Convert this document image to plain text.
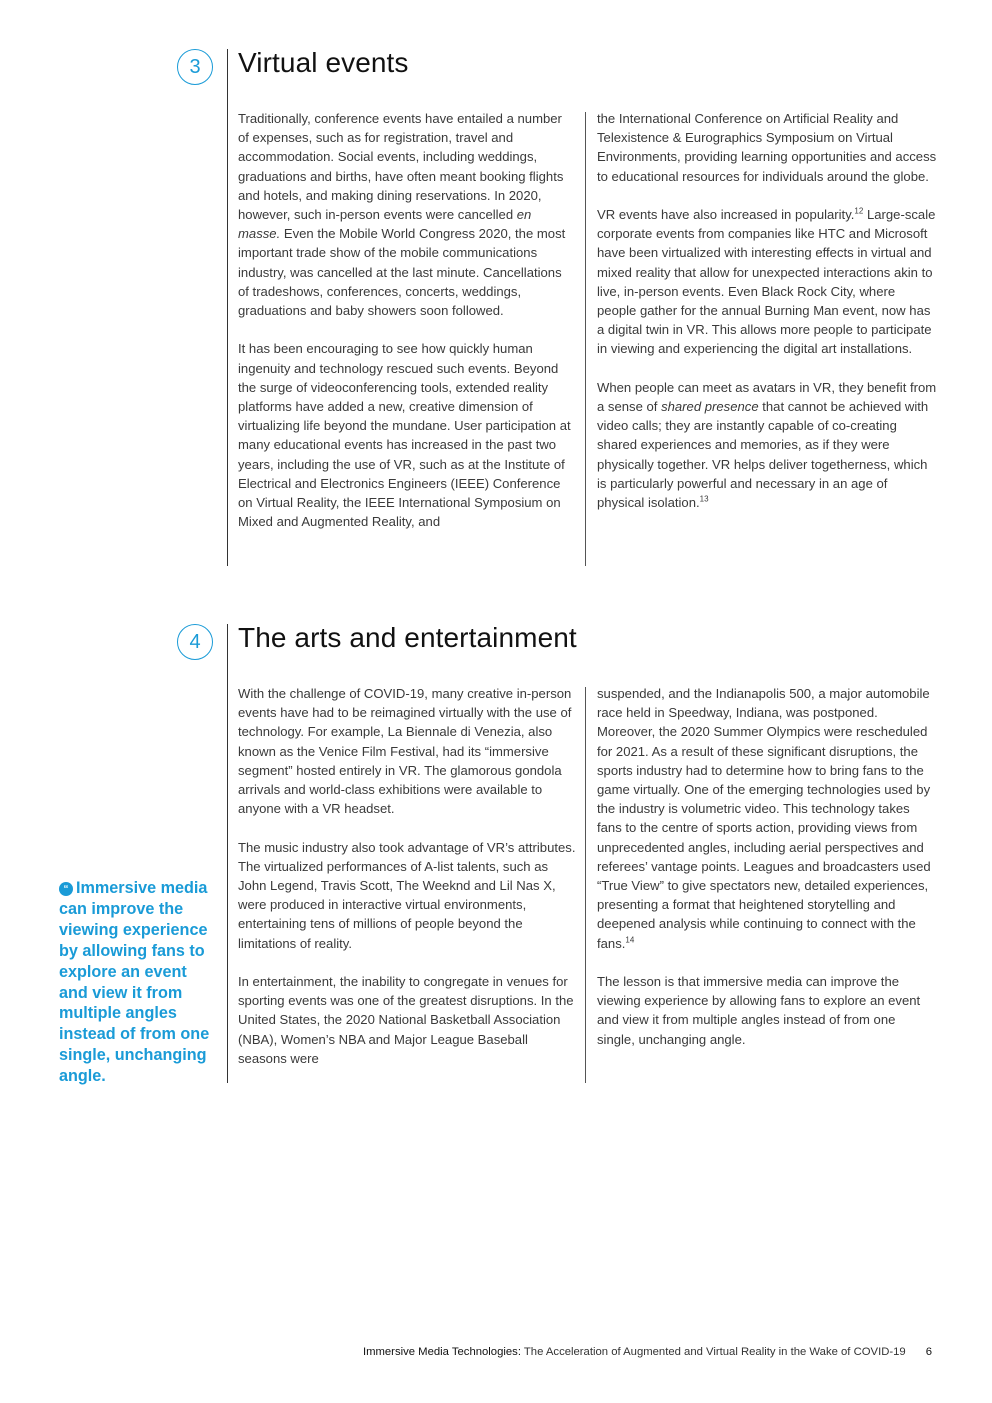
3	Virtual events

Traditionally, conference events have entailed a number of expenses, such as for registration, travel and accommodation. Social events, including weddings, graduations and births, have often meant booking flights and hotels, and making dining reservations. In 2020, however, such in-person events were cancelled en masse. Even the Mobile World Congress 2020, the most important trade show of the mobile communications industry, was cancelled at the last minute. Cancellations of tradeshows, conferences, concerts, weddings, graduations and baby showers soon followed.

It has been encouraging to see how quickly human ingenuity and technology rescued such events. Beyond the surge of videoconferencing tools, extended reality platforms have added a new, creative dimension of virtualizing life beyond the mundane. User participation at many educational events has increased in the past two years, including the use of VR, such as at the Institute of Electrical and Electronics Engineers (IEEE) Conference on Virtual Reality, the IEEE International Symposium on Mixed and Augmented Reality, and

the International Conference on Artificial Reality and Telexistence & Eurographics Symposium on Virtual Environments, providing learning opportunities and access to educational resources for individuals around the globe.

VR events have also increased in popularity.$^{12}$ Large-scale corporate events from companies like HTC and Microsoft have been virtualized with interesting effects in virtual and mixed reality that allow for unexpected interactions akin to live, in-person events. Even Black Rock City, where people gather for the annual Burning Man event, now has a digital twin in VR. This allows more people to participate in viewing and experiencing the digital art installations.

When people can meet as avatars in VR, they benefit from a sense of shared presence that cannot be achieved with video calls; they are instantly capable of co-creating shared experiences and memories, as if they were physically together. VR helps deliver togetherness, which is particularly powerful and necessary in an age of physical isolation.$^{13}$

4	The arts and entertainment

With the challenge of COVID-19, many creative in-person events have had to be reimagined virtually with the use of technology. For example, La Biennale di Venezia, also known as the Venice Film Festival, had its “immersive segment” hosted entirely in VR. The glamorous gondola arrivals and world-class exhibitions were available to anyone with a VR headset.

The music industry also took advantage of VR’s attributes. The virtualized performances of A-list talents, such as John Legend, Travis Scott, The Weeknd and Lil Nas X, were produced in interactive virtual environments, entertaining tens of millions of people beyond the limitations of reality.

In entertainment, the inability to congregate in venues for sporting events was one of the greatest disruptions. In the United States, the 2020 National Basketball Association (NBA), Women’s NBA and Major League Baseball seasons were

suspended, and the Indianapolis 500, a major automobile race held in Speedway, Indiana, was postponed. Moreover, the 2020 Summer Olympics were rescheduled for 2021. As a result of these significant disruptions, the sports industry had to determine how to bring fans to the game virtually. One of the emerging technologies used by the industry is volumetric video. This technology takes fans to the centre of sports action, providing views from unprecedented angles, including aerial perspectives and referees’ vantage points. Leagues and broadcasters used “True View” to give spectators new, detailed experiences, presenting a format that heightened storytelling and deepened analysis while continuing to connect with the fans.$^{14}$

The lesson is that immersive media can improve the viewing experience by allowing fans to explore an event and view it from multiple angles instead of from one single, unchanging angle.

“ Immersive media can improve the viewing experience by allowing fans to explore an event and view it from multiple angles instead of from one single, unchanging angle.
Immersive Media Technologies: The Acceleration of Augmented and Virtual Reality in the Wake of COVID-19 6
